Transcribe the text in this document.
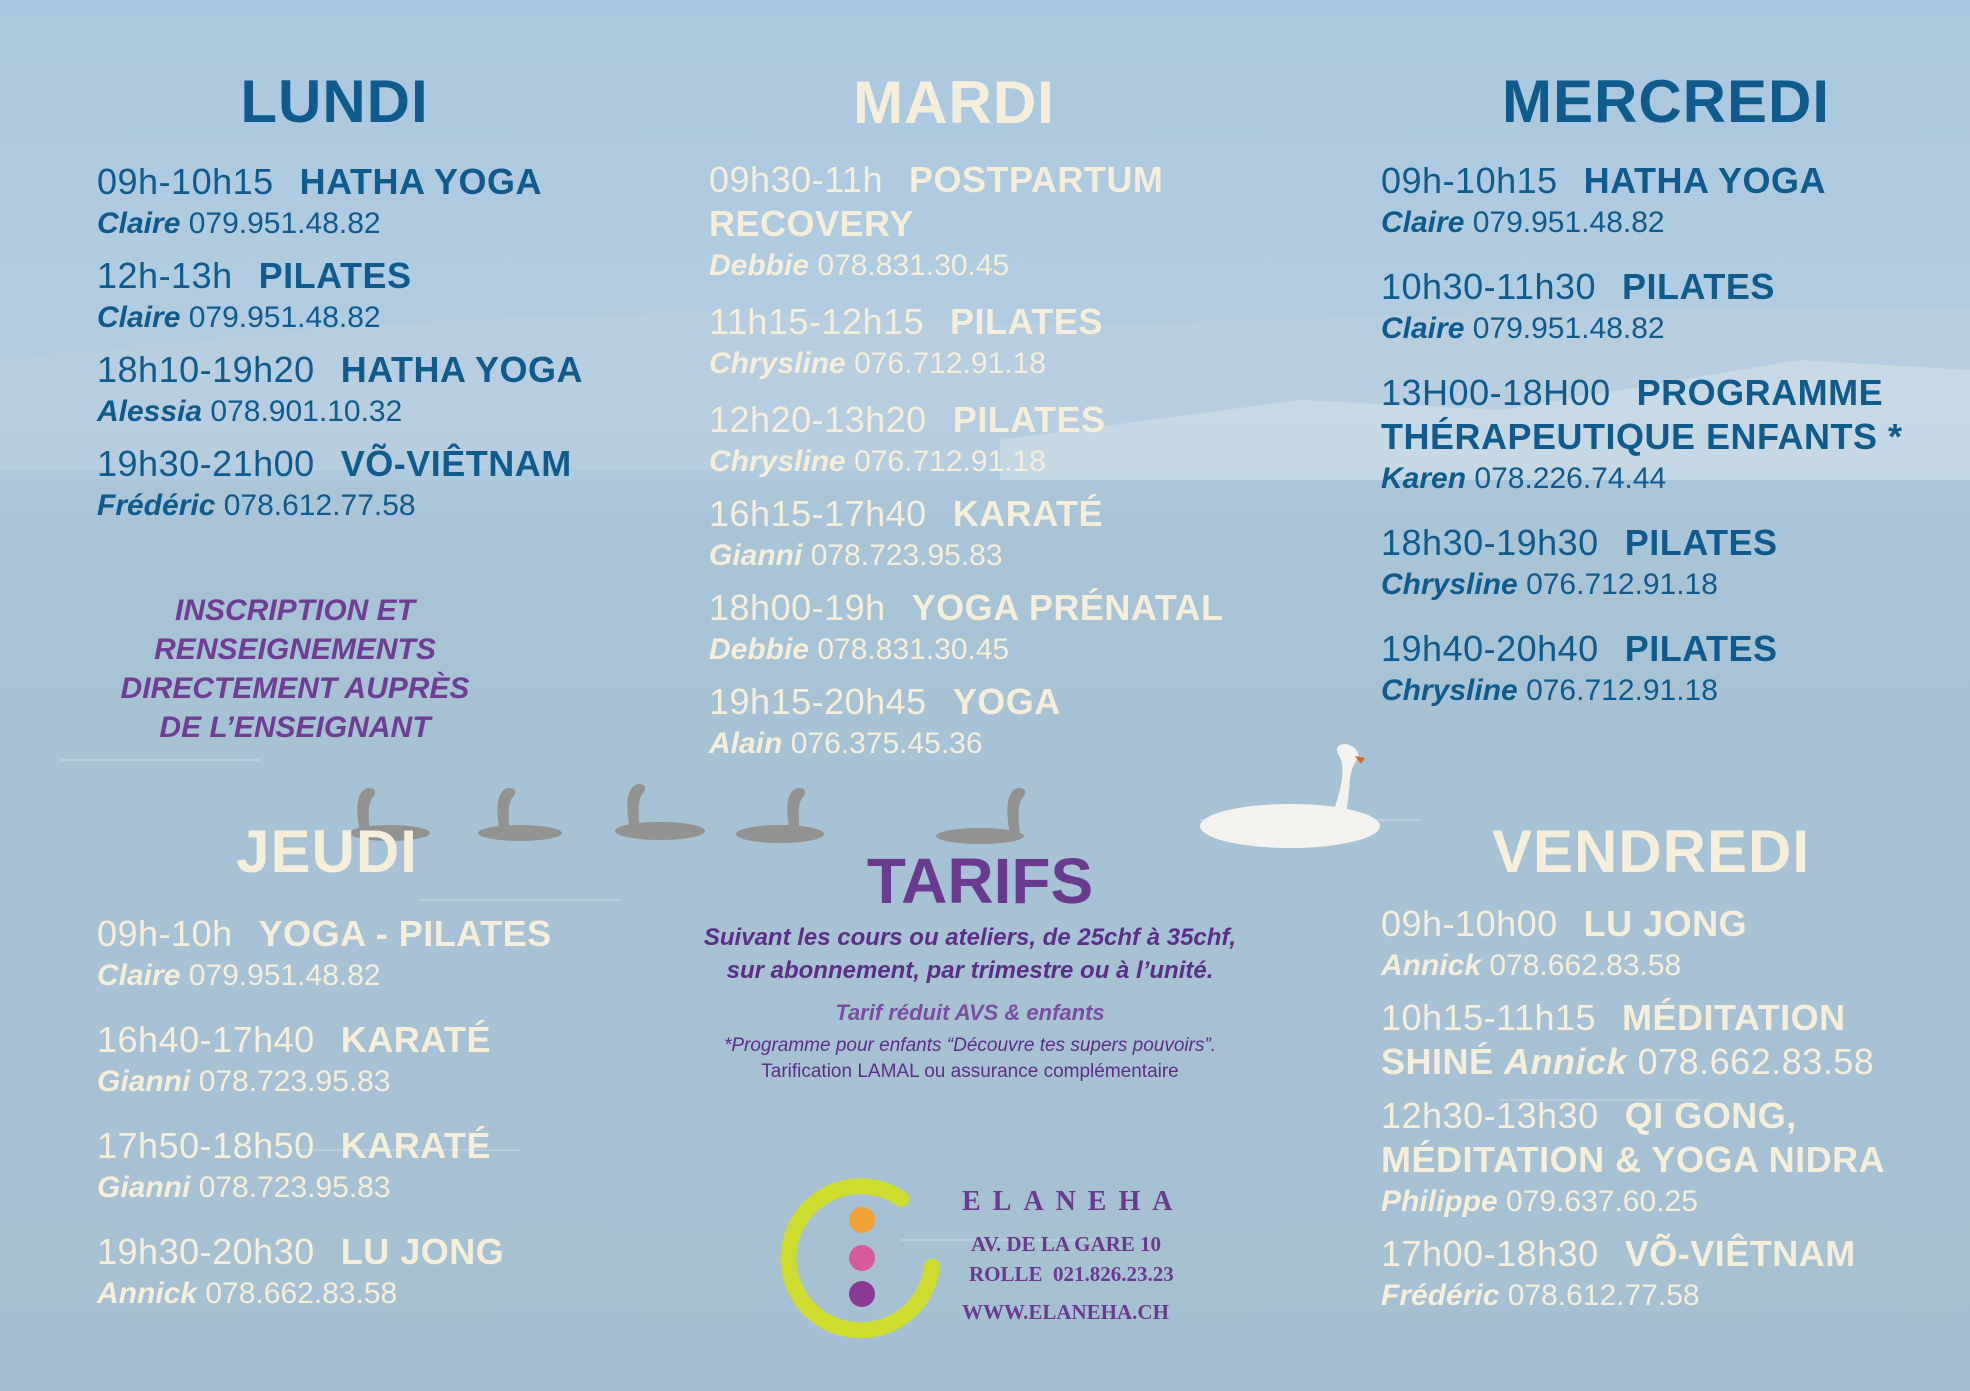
LUNDI
09h-10h15 HATHA YOGA
Claire 079.951.48.82
12h-13h PILATES
Claire 079.951.48.82
18h10-19h20 HATHA YOGA
Alessia 078.901.10.32
19h30-21h00 VÕ-VIÊTNAM
Frédéric 078.612.77.58
INSCRIPTION ET
RENSEIGNEMENTS
DIRECTEMENT AUPRÈS
DE L’ENSEIGNANT
MARDI
09h30-11h POSTPARTUM
RECOVERY
Debbie 078.831.30.45
11h15-12h15 PILATES
Chrysline 076.712.91.18
12h20-13h20 PILATES
Chrysline 076.712.91.18
16h15-17h40 KARATÉ
Gianni 078.723.95.83
18h00-19h YOGA PRÉNATAL
Debbie 078.831.30.45
19h15-20h45 YOGA
Alain 076.375.45.36
MERCREDI
09h-10h15 HATHA YOGA
Claire 079.951.48.82
10h30-11h30 PILATES
Claire 079.951.48.82
13H00-18H00 PROGRAMME
THÉRAPEUTIQUE ENFANTS *
Karen 078.226.74.44
18h30-19h30 PILATES
Chrysline 076.712.91.18
19h40-20h40 PILATES
Chrysline 076.712.91.18
JEUDI
09h-10h YOGA - PILATES
Claire 079.951.48.82
16h40-17h40 KARATÉ
Gianni 078.723.95.83
17h50-18h50 KARATÉ
Gianni 078.723.95.83
19h30-20h30 LU JONG
Annick 078.662.83.58
VENDREDI
09h-10h00 LU JONG
Annick 078.662.83.58
10h15-11h15 MÉDITATION
SHINÉ Annick 078.662.83.58
12h30-13h30 QI GONG,
MÉDITATION & YOGA NIDRA
Philippe 079.637.60.25
17h00-18h30 VÕ-VIÊTNAM
Frédéric 078.612.77.58
TARIFS
Suivant les cours ou ateliers, de 25chf à 35chf,
sur abonnement, par trimestre ou à l’unité.
Tarif réduit AVS & enfants
*Programme pour enfants “Découvre tes supers pouvoirs”.
Tarification LAMAL ou assurance complémentaire
ELANEHA
AV. DE LA GARE 10
ROLLE  021.826.23.23
WWW.ELANEHA.CH
